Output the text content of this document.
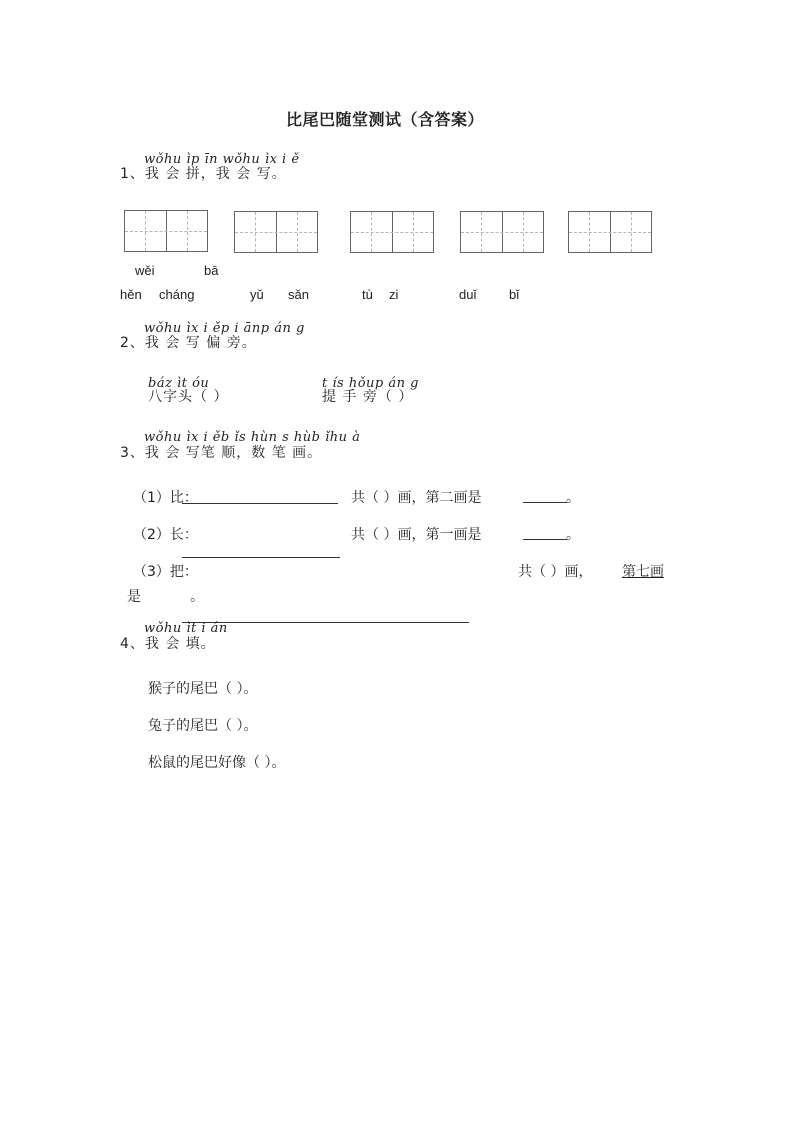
比尾巴随堂测试（含答案）
wǒhu ìp īn wǒhu ìx i ě
1、我 会 拼，我 会 写。
wěi	bā
hěn cháng	yǔ sǎn	tù zi	duǐ	bǐ
wǒhu ìx i ěp i ānp án g
2、我 会 写 偏 旁。
báz ìt óu
八字头（ ）
t ís hǒup án g
提 手 旁（ ）
wǒhu ìx i ěb ǐs hùn s hùb ǐhu à
3、我 会 写笔 顺，数 笔 画。
（1）比：	共（ ）画，第二画是	。
（2）长：	共（ ）画，第一画是	。
（3）把：	共（ ）画， 第七画
是	。
wǒhu ìt i án
4、我 会 填。
猴子的尾巴（ ）。
兔子的尾巴（ ）。
松鼠的尾巴好像（ ）。
